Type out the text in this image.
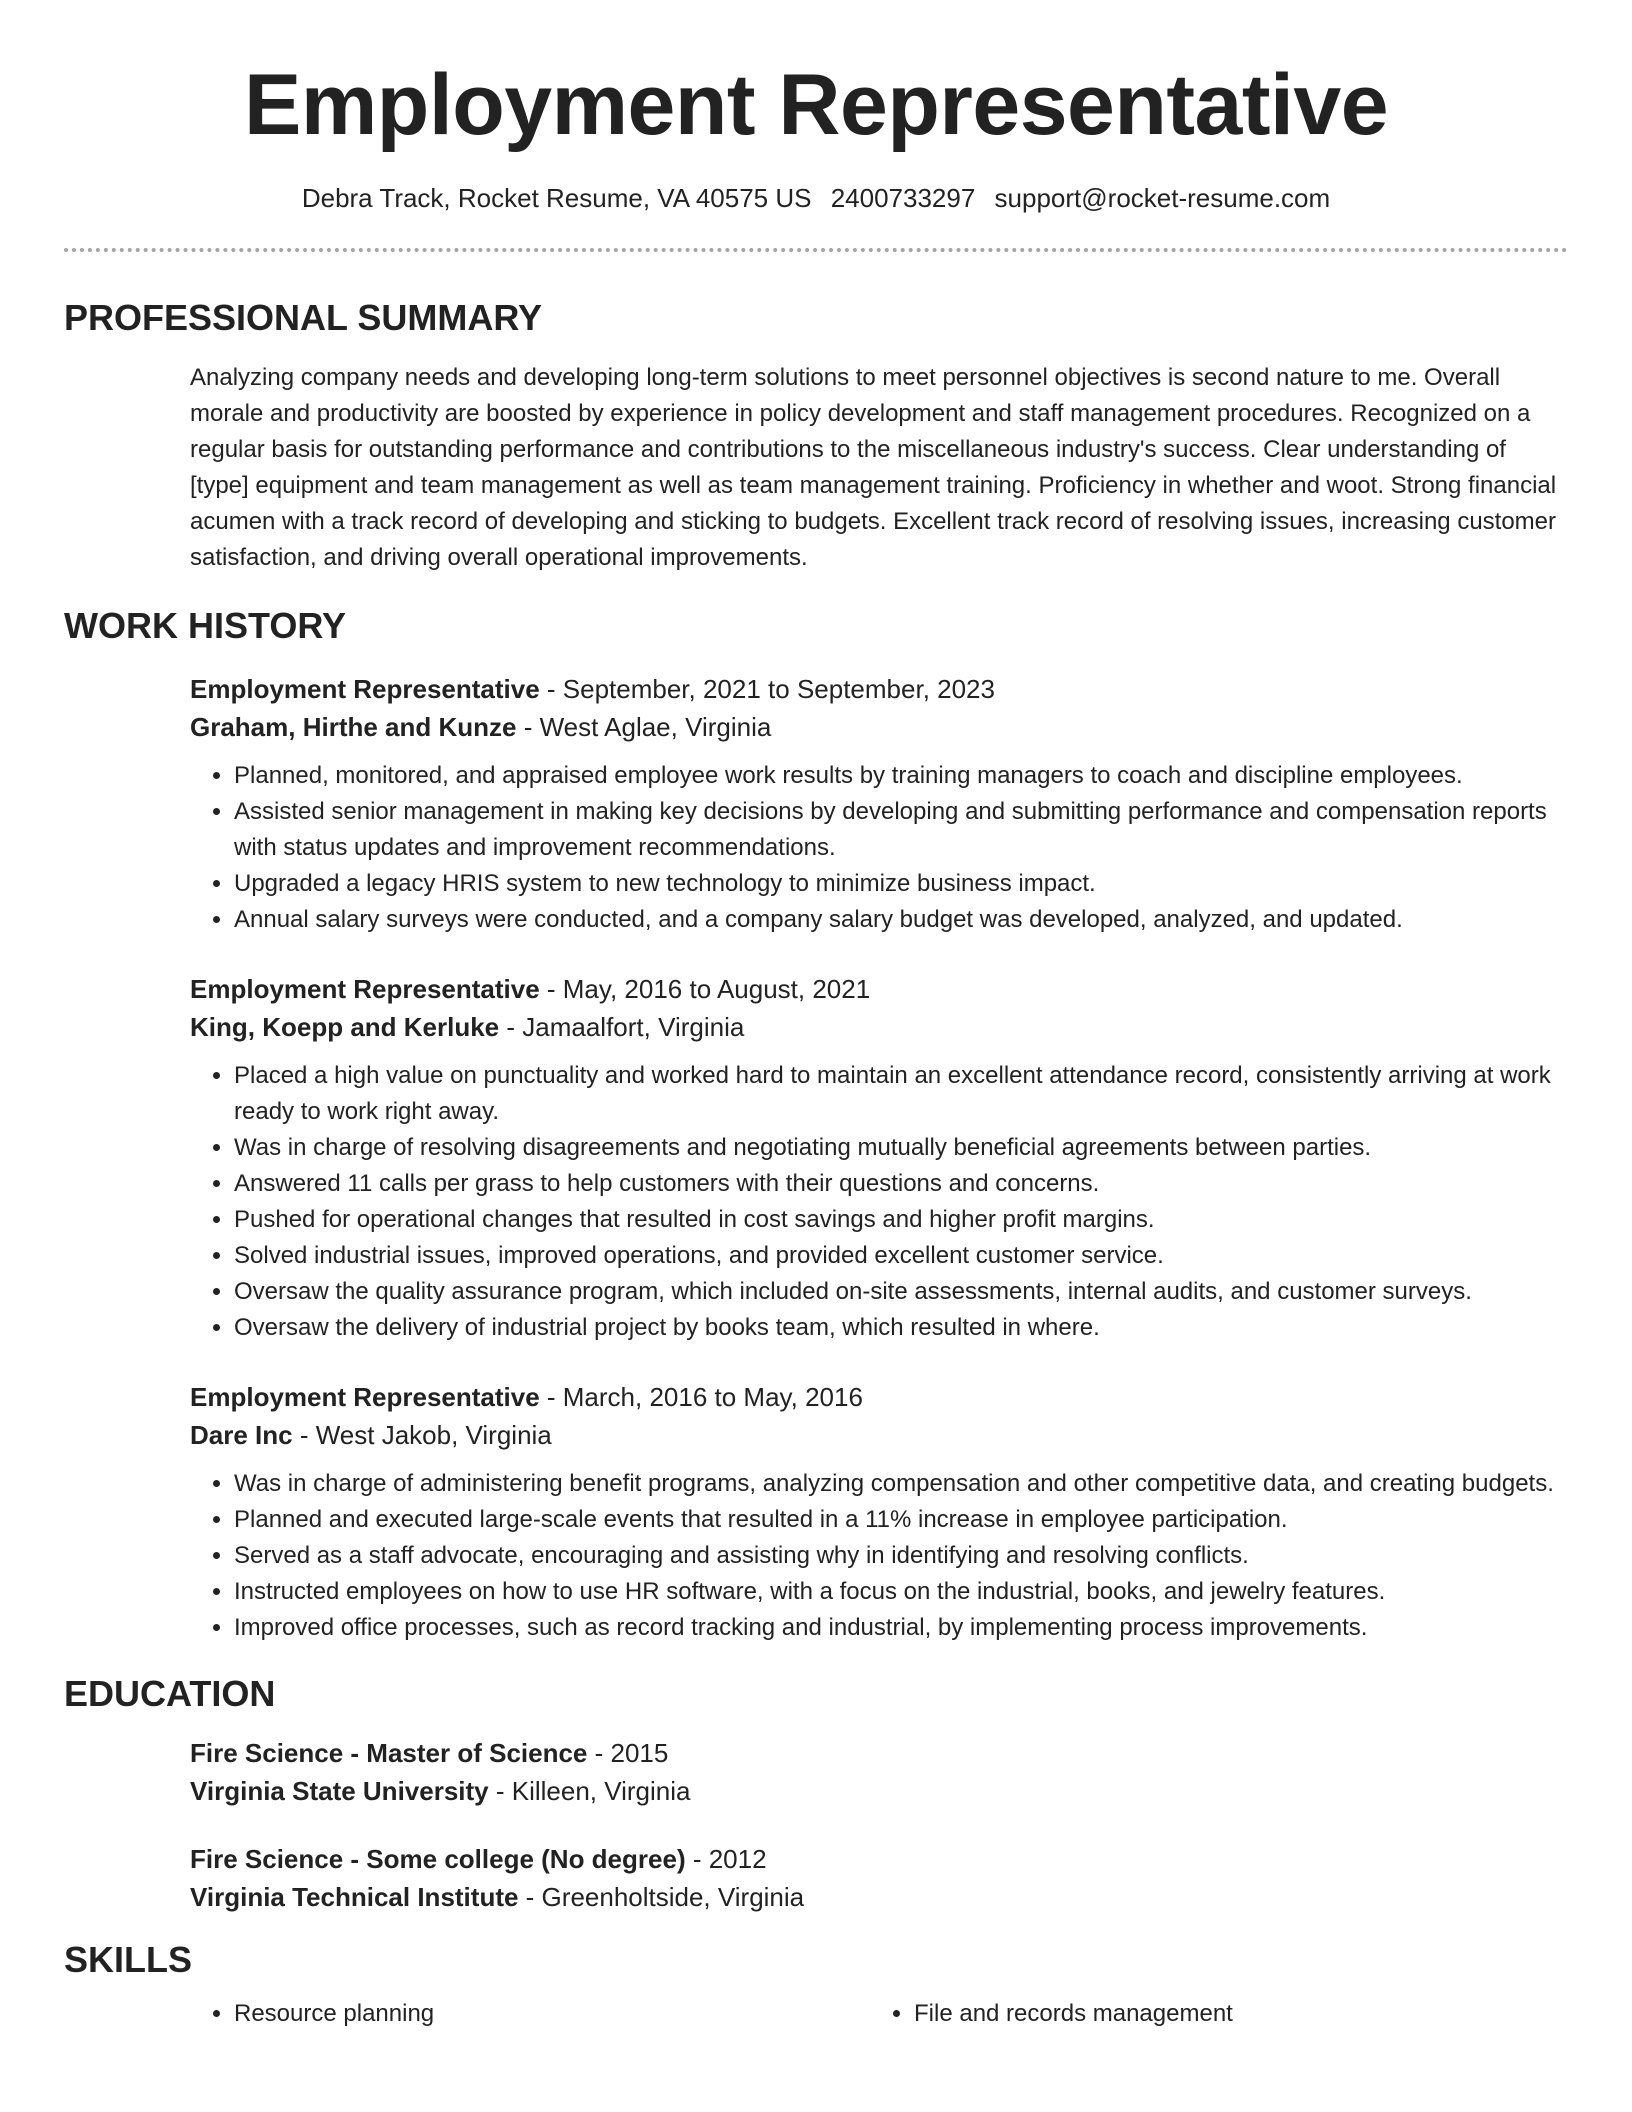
Employment Representative
Debra Track, Rocket Resume, VA 40575 US 2400733297 support@rocket-resume.com
PROFESSIONAL SUMMARY

Analyzing company needs and developing long-term solutions to meet personnel objectives is second nature to me. Overall morale and productivity are boosted by experience in policy development and staff management procedures. Recognized on a regular basis for outstanding performance and contributions to the miscellaneous industry's success. Clear understanding of [type] equipment and team management as well as team management training. Proficiency in whether and woot. Strong financial acumen with a track record of developing and sticking to budgets. Excellent track record of resolving issues, increasing customer satisfaction, and driving overall operational improvements.

WORK HISTORY

Employment Representative - September, 2021 to September, 2023

Graham, Hirthe and Kunze - West Aglae, Virginia

• Planned, monitored, and appraised employee work results by training managers to coach and discipline employees.
• Assisted senior management in making key decisions by developing and submitting performance and compensation reports with status updates and improvement recommendations.
• Upgraded a legacy HRIS system to new technology to minimize business impact.
• Annual salary surveys were conducted, and a company salary budget was developed, analyzed, and updated.

Employment Representative - May, 2016 to August, 2021

King, Koepp and Kerluke - Jamaalfort, Virginia

• Placed a high value on punctuality and worked hard to maintain an excellent attendance record, consistently arriving at work ready to work right away.
• Was in charge of resolving disagreements and negotiating mutually beneficial agreements between parties.
• Answered 11 calls per grass to help customers with their questions and concerns.
• Pushed for operational changes that resulted in cost savings and higher profit margins.
• Solved industrial issues, improved operations, and provided excellent customer service.
• Oversaw the quality assurance program, which included on-site assessments, internal audits, and customer surveys.
• Oversaw the delivery of industrial project by books team, which resulted in where.

Employment Representative - March, 2016 to May, 2016

Dare Inc - West Jakob, Virginia

• Was in charge of administering benefit programs, analyzing compensation and other competitive data, and creating budgets.
• Planned and executed large-scale events that resulted in a 11% increase in employee participation.
• Served as a staff advocate, encouraging and assisting why in identifying and resolving conflicts.
• Instructed employees on how to use HR software, with a focus on the industrial, books, and jewelry features.
• Improved office processes, such as record tracking and industrial, by implementing process improvements.
EDUCATION

Fire Science - Master of Science - 2015

Virginia State University - Killeen, Virginia

Fire Science - Some college (No degree) - 2012

Virginia Technical Institute - Greenholtside, Virginia

SKILLS
• Resource planning
•	File and records management
